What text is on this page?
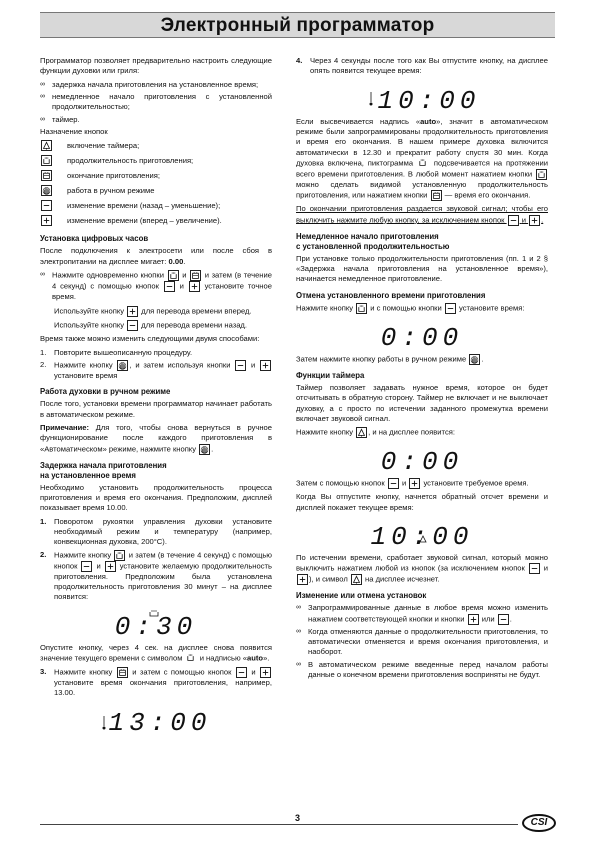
Электронный программатор

Программатор позволяет предварительно настроить следующие функции духовки или гриля:

∞ задержка начала приготовления на установленное время;
∞ немедленное начало приготовления с установленной продолжительностью;
∞ таймер.
Назначение кнопок
включение таймера;
продолжительность приготовления;
окончание приготовления;
работа в ручном режиме
изменение времени (назад – уменьшение);
изменение времени (вперед – увеличение).
Установка цифровых часов

После подключения к электросети или после сбоя в электропитании на дисплее мигает: 0.00.

∞ Нажмите одновременно кнопки и и затем (в течение 4 секунд) с помощью кнопок	и	установите точное время.

Используйте кнопку для перевода времени вперед.

Используйте кнопку для перевода времени назад.

Время также можно изменить следующими двумя способами:

1. Повторите вышеописанную процедуру.
2. Нажмите кнопку , и затем используя кнопки	и
установите время
Работа духовки в ручном режиме

После того, установки времени программатор начинает работать в автоматическом режиме.

Примечание: Для того, чтобы снова вернуться в ручное функционирование после каждого приготовления в «Автоматическом» режиме, нажмите кнопку .

Задержка начала приготовления
на установленное время

Необходимо установить продолжительность процесса приготовления и время его окончания. Предположим, дисплей показывает время 10.00.

1. Поворотом рукоятки управления духовки установите необходимый режим и температуру (например, конвекционная духовка, 200°С).
2. Нажмите кнопку и затем (в течение 4 секунд) с помощью кнопок	и	установите желаемую продолжительность приготовления. Предположим была установлена продолжительность приготовления 30 минут – на дисплее появится:
0:30

Опустите кнопку, через 4 сек. на дисплее снова появится значение текущего времени с символом и надписью «auto».

3. Нажмите кнопку	и затем с помощью кнопок	и
установите время окончания приготовления, например, 13.00.
13:00
4. Через 4 секунды после того как Вы отпустите кнопку, на дисплее опять появится текущее время:
10:00

Если высвечивается надпись «auto», значит в автоматическом режиме были запрограммированы продолжительность приготовления и время его окончания. В нашем примере духовка включится автоматически в 12.30 и прекратит работу спустя 30 мин. Когда духовка включена, пиктограмма	подсвечивается на протяжении всего времени приготовления. В любой момент нажатием кнопки
можно сделать видимой установленную продолжительность приготовления, или нажатием кнопки — время его окончания.

По окончании приготовления раздается звуковой сигнал; чтобы его выключить нажмите любую кнопку, за исключением кнопок и .

Немедленное начало приготовления
с установленной продолжительностью

При установке только продолжительности приготовления (пп. 1 и 2 § «Задержка начала приготовления на установленное время»), начинается немедленное приготовление.

Отмена установленного времени приготовления

Нажмите кнопку и с помощью кнопки установите время:

0:00

Затем нажмите кнопку работы в ручном режиме .

Функции таймера

Таймер позволяет задавать нужное время, которое он будет отсчитывать в обратную сторону. Таймер не включает и не выключает духовку, а с просто по истечении заданного промежутка времени включает звуковой сигнал.

Нажмите кнопку , и на дисплее появится:

0:00

Затем с помощью кнопок и установите требуемое время.

Когда Вы отпустите кнопку, начнется обратный отсчет времени и дисплей покажет текущее время:

10:00

По истечении времени, сработает звуковой сигнал, который можно выключить нажатием любой из кнопок (за исключением кнопок и
), и символ на дисплее исчезнет.

Изменение или отмена установок
∞ Запрограммированные данные в любое время можно изменить нажатием соответствующей кнопки и кнопки или .
∞ Когда отменяются данные о продолжительности приготовления, то автоматически отменяется и время окончания приготовления, и наоборот.
∞ В автоматическом режиме введенные перед началом работы данные о конечном времени приготовления восприняты не будут.
3	CSI
